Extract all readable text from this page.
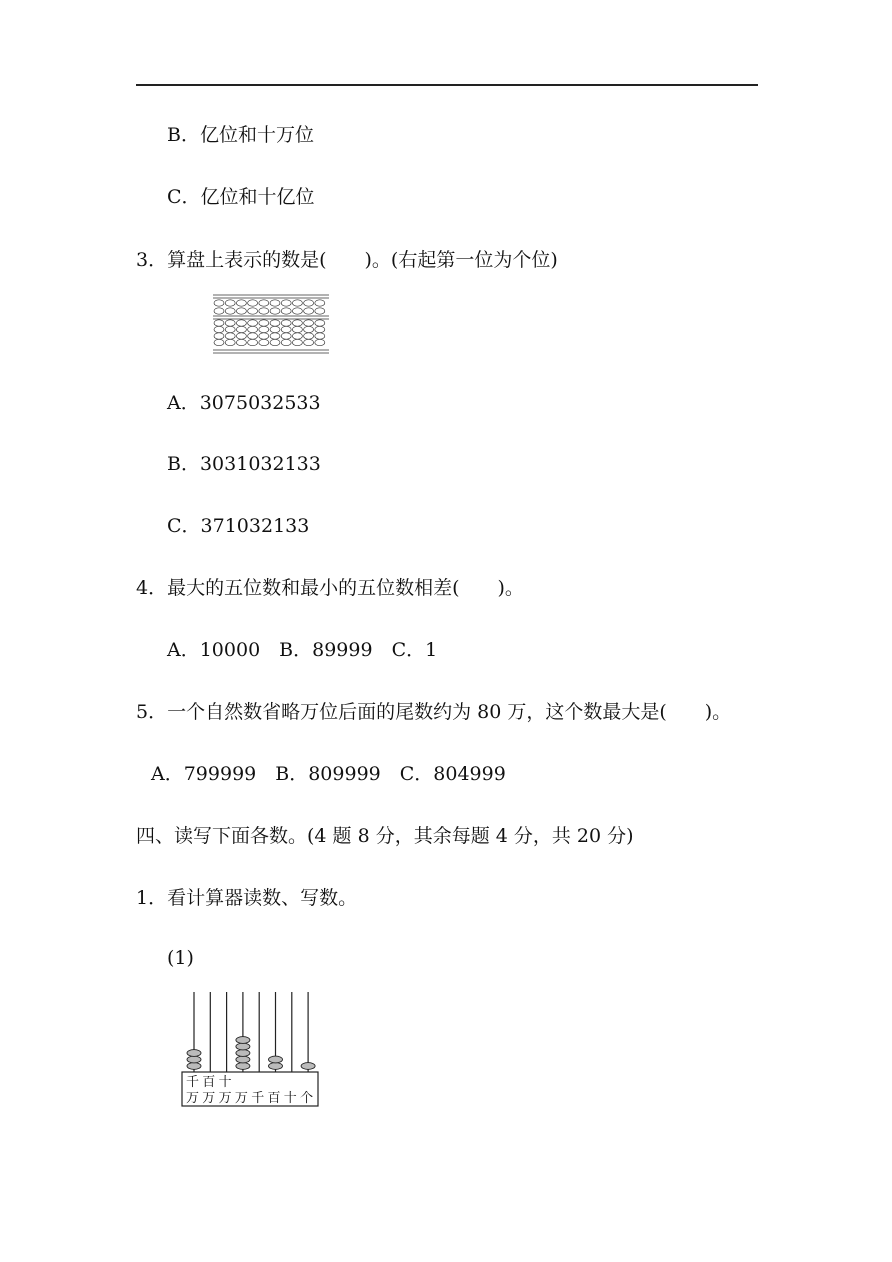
B．亿位和十万位
C．亿位和十亿位
3．算盘上表示的数是(　　)。(右起第一位为个位)
A．3075032533
B．3031032133
C．371032133
4．最大的五位数和最小的五位数相差(　　)。
A．10000　B．89999　C．1
5．一个自然数省略万位后面的尾数约为 80 万，这个数最大是(　　)。
A．799999　B．809999　C．804999
四、读写下面各数。(4 题 8 分，其余每题 4 分，共 20 分)
1．看计算器读数、写数。
(1)
千 百 十
万 万 万 万 千 百 十 个
